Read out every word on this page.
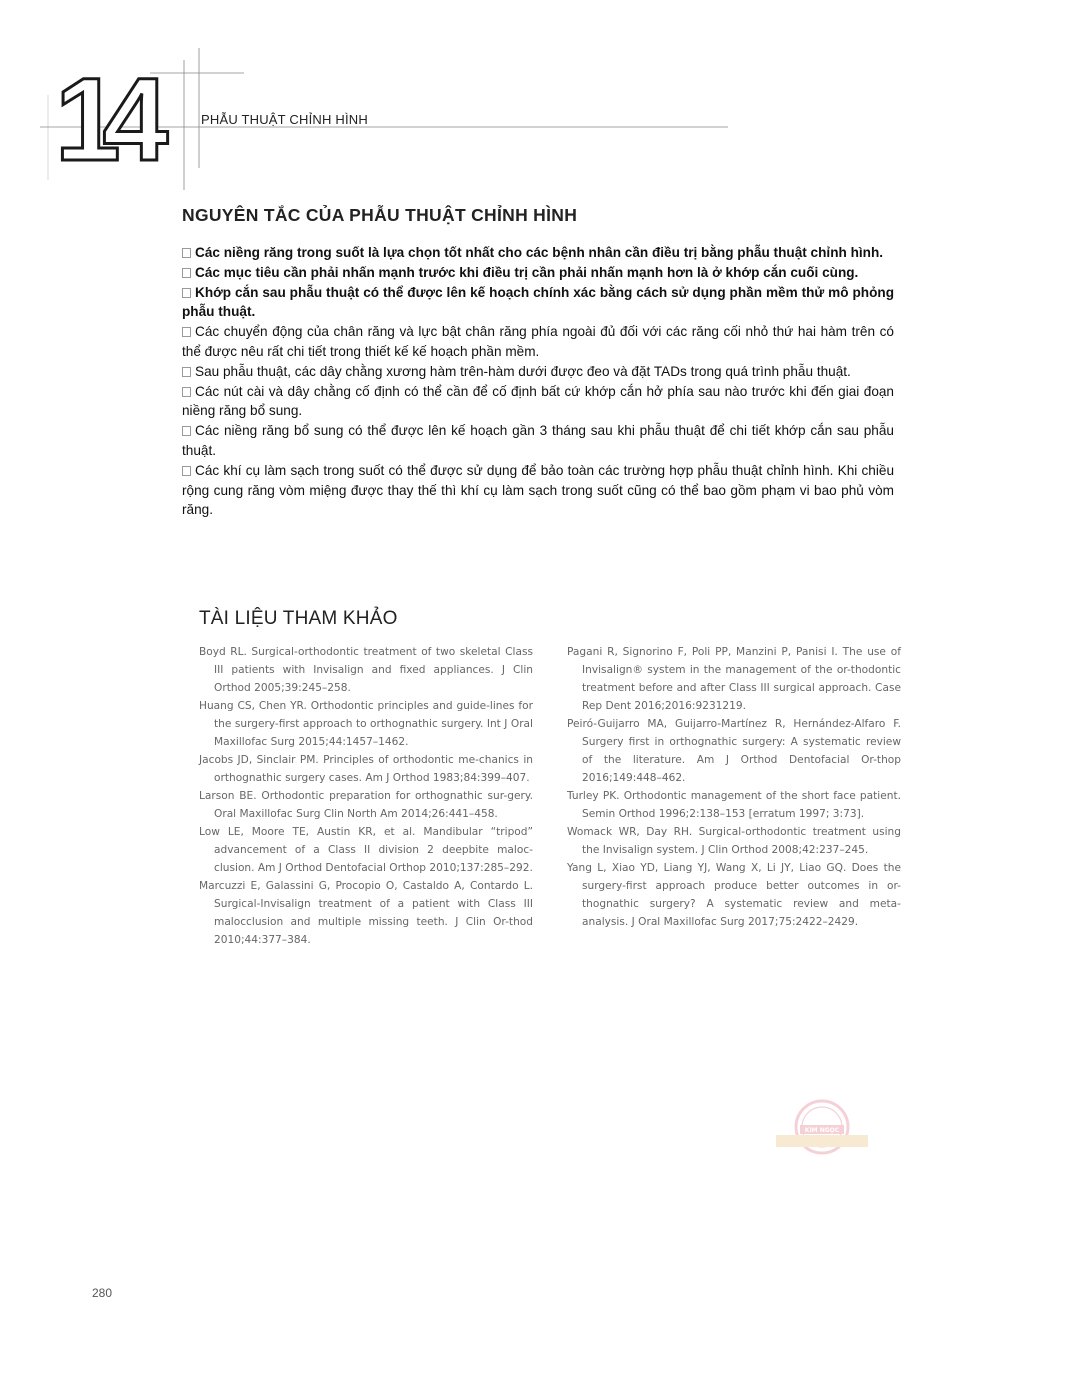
14	PHẪU THUẬT CHỈNH HÌNH
NGUYÊN TẮC CỦA PHẪU THUẬT CHỈNH HÌNH

Các niềng răng trong suốt là lựa chọn tốt nhất cho các bệnh nhân cần điều trị bằng phẫu thuật chỉnh hình.

Các mục tiêu cần phải nhấn mạnh trước khi điều trị cần phải nhấn mạnh hơn là ở khớp cắn cuối cùng.

Khớp cắn sau phẫu thuật có thể được lên kế hoạch chính xác bằng cách sử dụng phần mềm thử mô phỏng phẫu thuật.

Các chuyển động của chân răng và lực bật chân răng phía ngoài đủ đối với các răng cối nhỏ thứ hai hàm trên có thể được nêu rất chi tiết trong thiết kế kế hoạch phần mềm.

Sau phẫu thuật, các dây chằng xương hàm trên-hàm dưới được đeo và đặt TADs trong quá trình phẫu thuật.

Các nút cài và dây chằng cố định có thể cần để cố định bất cứ khớp cắn hở phía sau nào trước khi đến giai đoạn niềng răng bổ sung.

Các niềng răng bổ sung có thể được lên kế hoạch gần 3 tháng sau khi phẫu thuật để chi tiết khớp cắn sau phẫu thuật.

Các khí cụ làm sạch trong suốt có thể được sử dụng để bảo toàn các trường hợp phẫu thuật chỉnh hình. Khi chiều rộng cung răng vòm miệng được thay thế thì khí cụ làm sạch trong suốt cũng có thể bao gồm phạm vi bao phủ vòm răng.

TÀI LIỆU THAM KHẢO

Boyd RL. Surgical-orthodontic treatment of two skeletal Class III patients with Invisalign and fixed appliances. J Clin Orthod 2005;39:245–258.

Huang CS, Chen YR. Orthodontic principles and guide-lines for the surgery-first approach to orthognathic surgery. Int J Oral Maxillofac Surg 2015;44:1457–1462.

Jacobs JD, Sinclair PM. Principles of orthodontic me-chanics in orthognathic surgery cases. Am J Orthod 1983;84:399–407.

Larson BE. Orthodontic preparation for orthognathic sur-gery. Oral Maxillofac Surg Clin North Am 2014;26:441–458.

Low LE, Moore TE, Austin KR, et al. Mandibular “tripod” advancement of a Class II division 2 deepbite maloc-clusion. Am J Orthod Dentofacial Orthop 2010;137:285–292.

Marcuzzi E, Galassini G, Procopio O, Castaldo A, Contardo L. Surgical-Invisalign treatment of a patient with Class III malocclusion and multiple missing teeth. J Clin Or-thod 2010;44:377–384.

Pagani R, Signorino F, Poli PP, Manzini P, Panisi I. The use of Invisalign® system in the management of the or-thodontic treatment before and after Class III surgical approach. Case Rep Dent 2016;2016:9231219.

Peiró-Guijarro MA, Guijarro-Martínez R, Hernández-Alfaro F. Surgery first in orthognathic surgery: A systematic review of the literature. Am J Orthod Dentofacial Or-thop 2016;149:448–462.

Turley PK. Orthodontic management of the short face patient. Semin Orthod 1996;2:138–153 [erratum 1997; 3:73].

Womack WR, Day RH. Surgical-orthodontic treatment using the Invisalign system. J Clin Orthod 2008;42:237–245.

Yang L, Xiao YD, Liang YJ, Wang X, Li JY, Liao GQ. Does the surgery-first approach produce better outcomes in or-thognathic surgery? A systematic review and meta-analysis. J Oral Maxillofac Surg 2017;75:2422–2429.

KIM NGỌC
280
